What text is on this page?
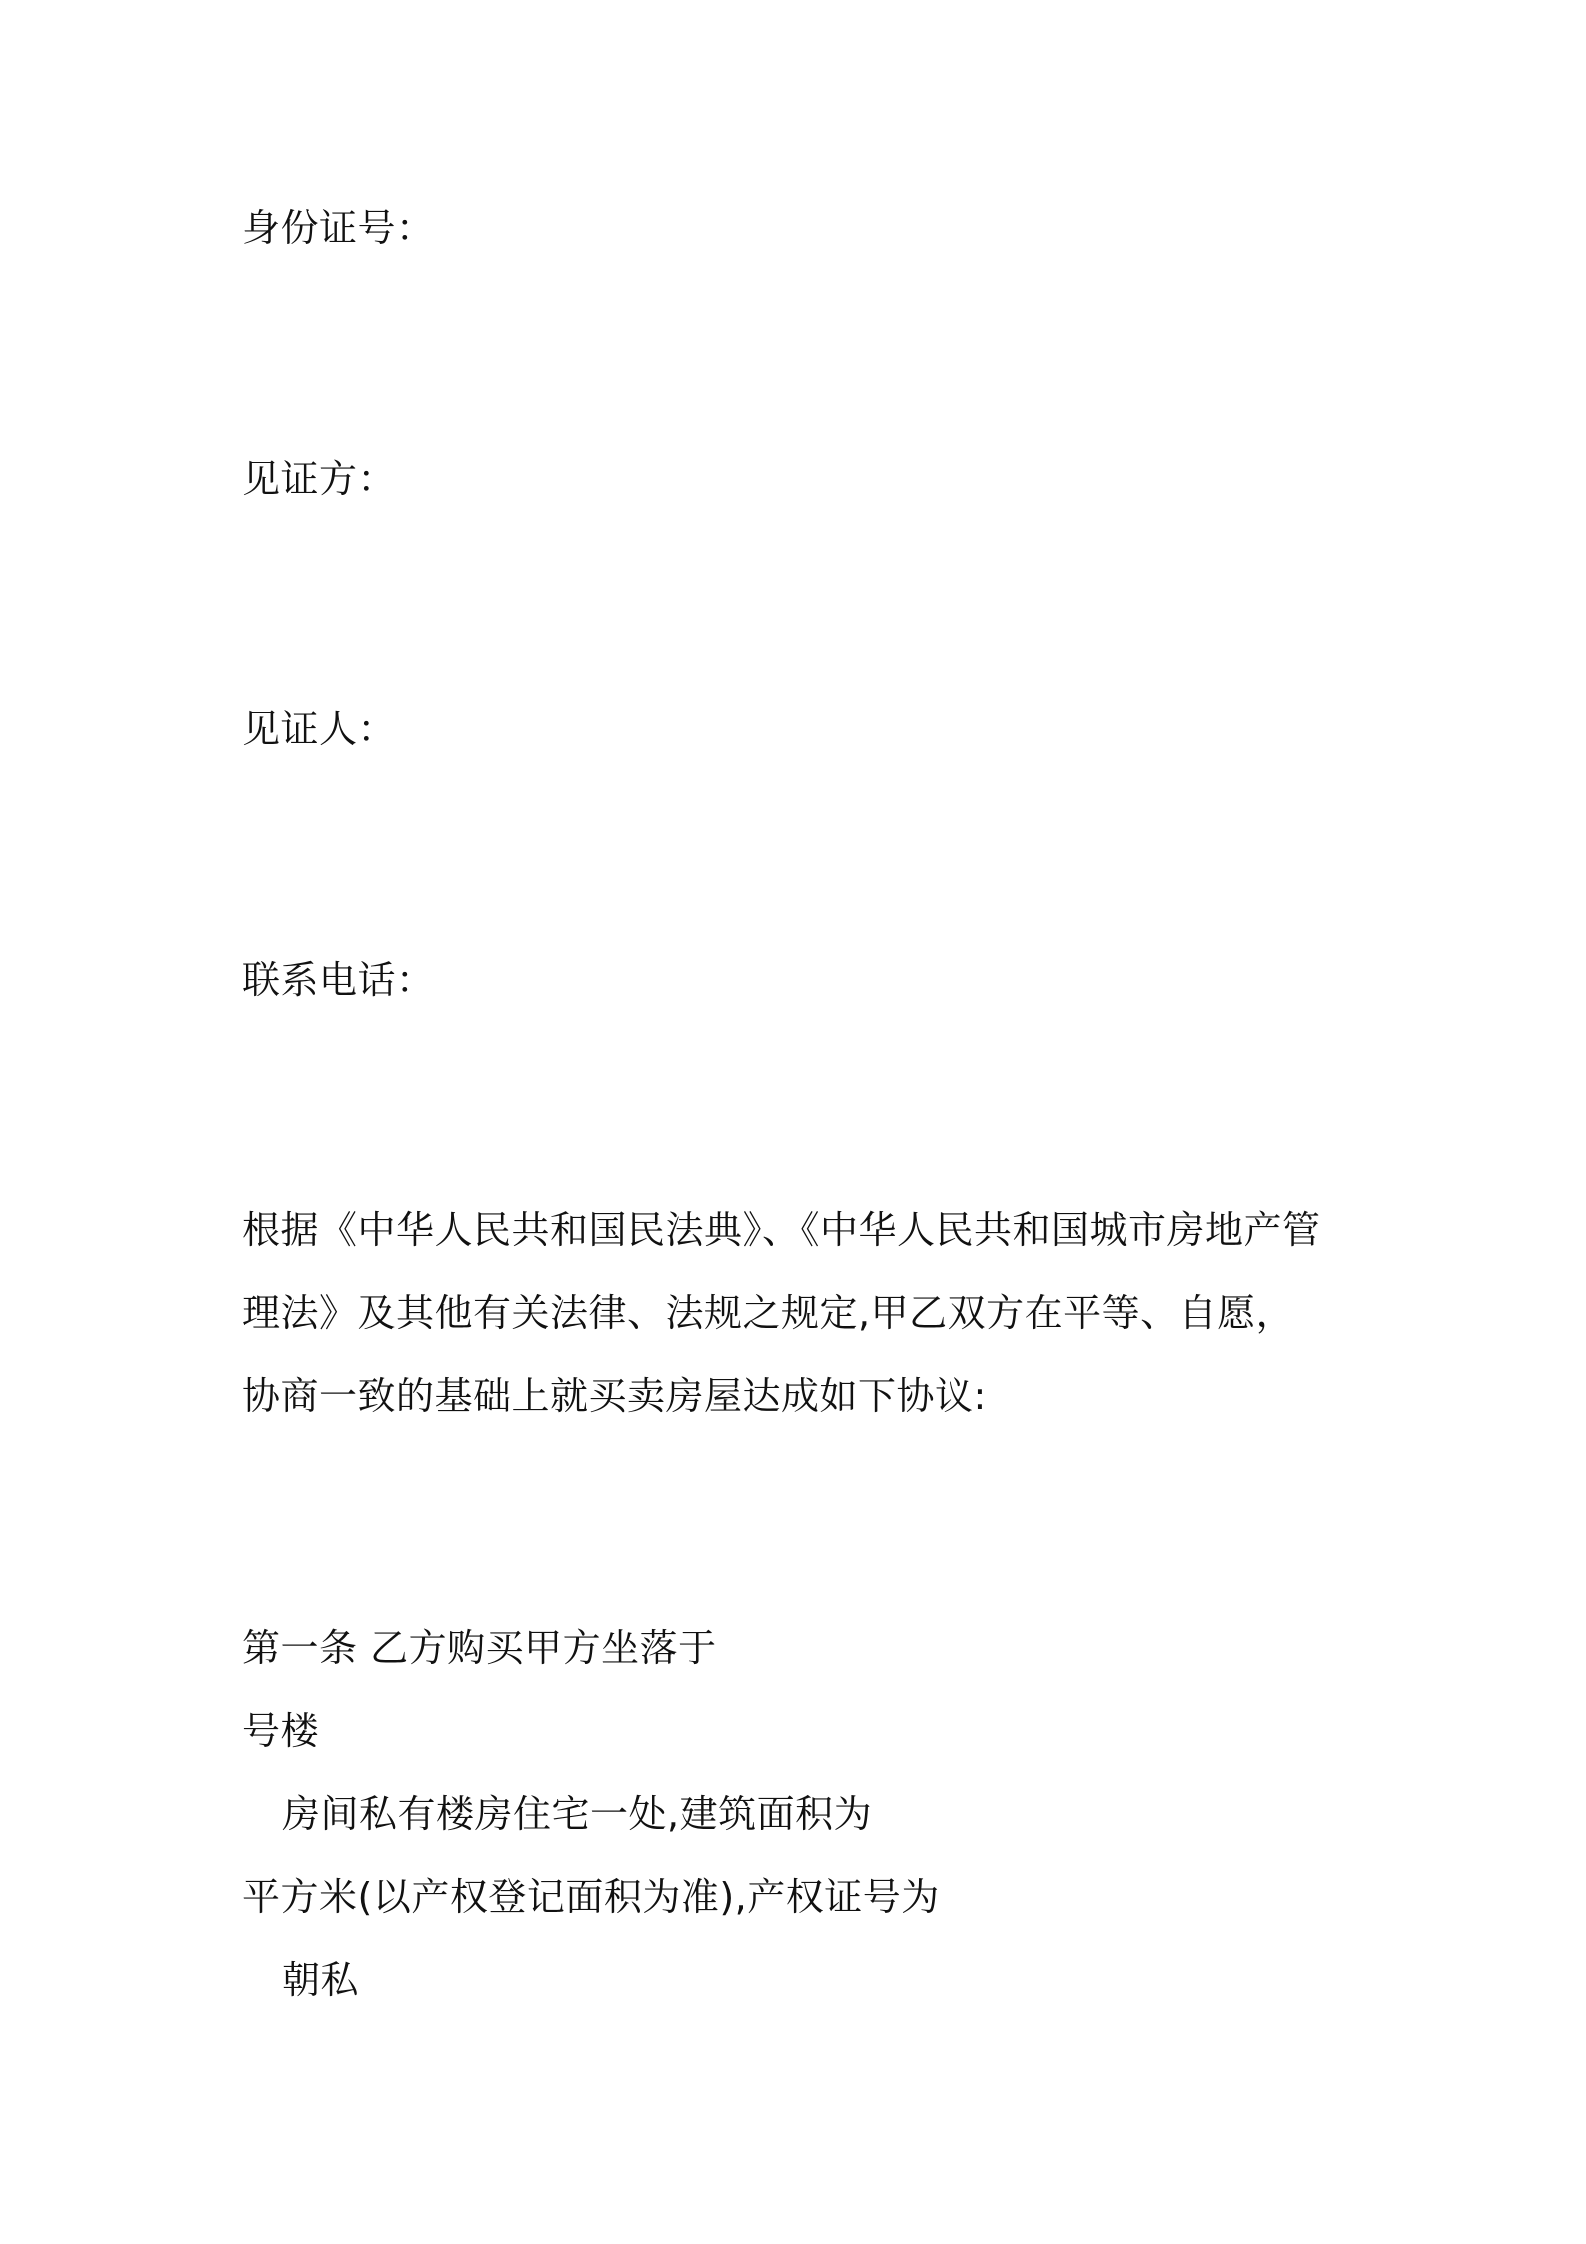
身份证号：
见证方：
见证人：
联系电话：
根据《中华人民共和国民法典》、《中华人民共和国城市房地产管
理法》及其他有关法律、法规之规定,甲乙双方在平等、自愿，
协商一致的基础上就买卖房屋达成如下协议:
第一条 乙方购买甲方坐落于
号楼
房间私有楼房住宅一处,建筑面积为
平方米(以产权登记面积为准),产权证号为
朝私
